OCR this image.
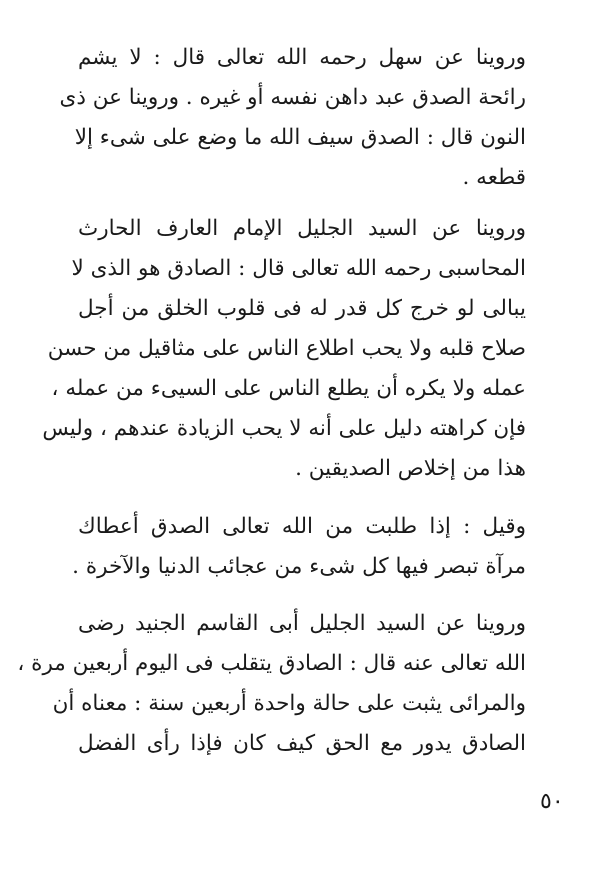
وروينا عن سهل رحمه الله تعالى قال : لا يشم
رائحة الصدق عبد داهن نفسه أو غيره . وروينا عن ذى
النون قال : الصدق سيف الله ما وضع على شىء إلا
قطعه .
وروينا عن السيد الجليل الإمام العارف الحارث
المحاسبى رحمه الله تعالى قال : الصادق هو الذى لا
يبالى لو خرج كل قدر له فى قلوب الخلق من أجل
صلاح قلبه ولا يحب اطلاع الناس على مثاقيل من حسن
عمله ولا يكره أن يطلع الناس على السيىء من عمله ،
فإن كراهته دليل على أنه لا يحب الزيادة عندهم ، وليس
هذا من إخلاص الصديقين .
وقيل : إذا طلبت من الله تعالى الصدق أعطاك
مرآة تبصر فيها كل شىء من عجائب الدنيا والآخرة .
وروينا عن السيد الجليل أبى القاسم الجنيد رضى
الله تعالى عنه قال : الصادق يتقلب فى اليوم أربعين مرة ،
والمرائى يثبت على حالة واحدة أربعين سنة : معناه أن
الصادق يدور مع الحق كيف كان فإذا رأى الفضل
٥٠
